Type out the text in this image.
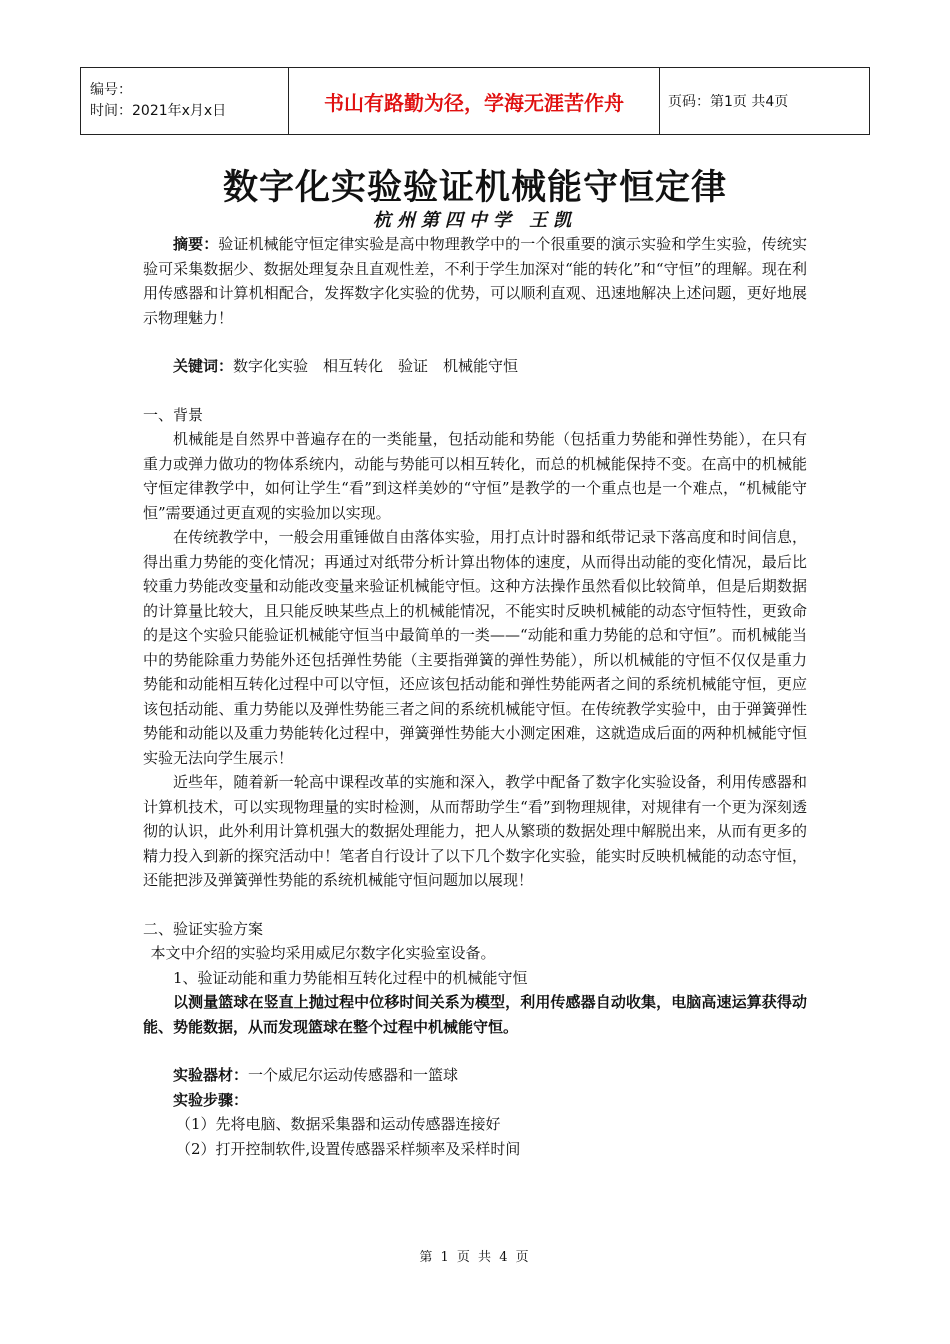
编号：
时间：2021年x月x日	书山有路勤为径，学海无涯苦作舟	页码：第1页 共4页
数字化实验验证机械能守恒定律
杭州第四中学 王凯

摘要：验证机械能守恒定律实验是高中物理教学中的一个很重要的演示实验和学生实验，传统实验可采集数据少、数据处理复杂且直观性差，不利于学生加深对“能的转化”和“守恒”的理解。现在利用传感器和计算机相配合，发挥数字化实验的优势，可以顺利直观、迅速地解决上述问题，更好地展示物理魅力！

关键词：数字化实验　相互转化　验证　机械能守恒

一、背景

机械能是自然界中普遍存在的一类能量，包括动能和势能（包括重力势能和弹性势能），在只有重力或弹力做功的物体系统内，动能与势能可以相互转化，而总的机械能保持不变。在高中的机械能守恒定律教学中，如何让学生“看”到这样美妙的“守恒”是教学的一个重点也是一个难点，“机械能守恒”需要通过更直观的实验加以实现。

在传统教学中，一般会用重锤做自由落体实验，用打点计时器和纸带记录下落高度和时间信息，得出重力势能的变化情况；再通过对纸带分析计算出物体的速度，从而得出动能的变化情况，最后比较重力势能改变量和动能改变量来验证机械能守恒。这种方法操作虽然看似比较简单，但是后期数据的计算量比较大，且只能反映某些点上的机械能情况，不能实时反映机械能的动态守恒特性，更致命的是这个实验只能验证机械能守恒当中最简单的一类——“动能和重力势能的总和守恒”。而机械能当中的势能除重力势能外还包括弹性势能（主要指弹簧的弹性势能），所以机械能的守恒不仅仅是重力势能和动能相互转化过程中可以守恒，还应该包括动能和弹性势能两者之间的系统机械能守恒，更应该包括动能、重力势能以及弹性势能三者之间的系统机械能守恒。在传统教学实验中，由于弹簧弹性势能和动能以及重力势能转化过程中，弹簧弹性势能大小测定困难，这就造成后面的两种机械能守恒实验无法向学生展示！

近些年，随着新一轮高中课程改革的实施和深入，教学中配备了数字化实验设备，利用传感器和计算机技术，可以实现物理量的实时检测，从而帮助学生“看”到物理规律，对规律有一个更为深刻透彻的认识，此外利用计算机强大的数据处理能力，把人从繁琐的数据处理中解脱出来，从而有更多的精力投入到新的探究活动中！笔者自行设计了以下几个数字化实验，能实时反映机械能的动态守恒，还能把涉及弹簧弹性势能的系统机械能守恒问题加以展现！

二、验证实验方案

本文中介绍的实验均采用威尼尔数字化实验室设备。

1、验证动能和重力势能相互转化过程中的机械能守恒

以测量篮球在竖直上抛过程中位移时间关系为模型，利用传感器自动收集，电脑高速运算获得动能、势能数据，从而发现篮球在整个过程中机械能守恒。

实验器材：一个威尼尔运动传感器和一篮球

实验步骤：

（1）先将电脑、数据采集器和运动传感器连接好

（2）打开控制软件,设置传感器采样频率及采样时间

第 1 页 共 4 页
